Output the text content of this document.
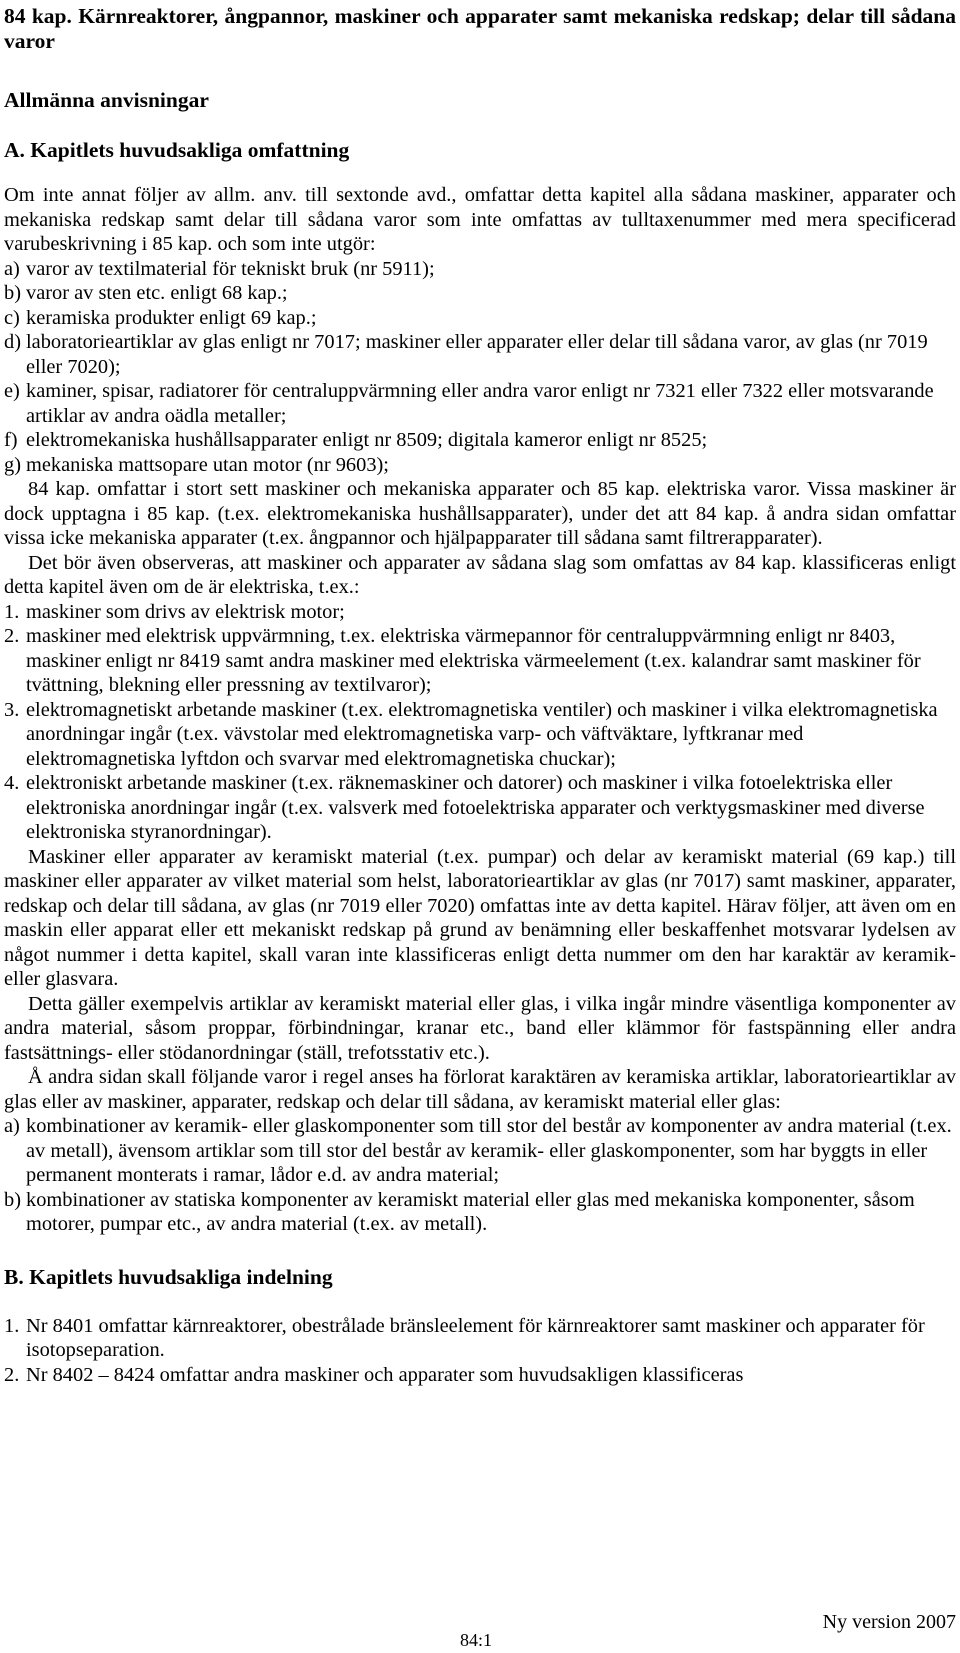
84 kap. Kärnreaktorer, ångpannor, maskiner och apparater samt mekaniska redskap; delar till sådana varor

Allmänna anvisningar

A. Kapitlets huvudsakliga omfattning

Om inte annat följer av allm. anv. till sextonde avd., omfattar detta kapitel alla sådana maskiner, apparater och mekaniska redskap samt delar till sådana varor som inte omfattas av tulltaxenummer med mera specificerad varubeskrivning i 85 kap. och som inte utgör:

a) varor av textilmaterial för tekniskt bruk (nr 5911);
b) varor av sten etc. enligt 68 kap.;
c) keramiska produkter enligt 69 kap.;
d) laboratorieartiklar av glas enligt nr 7017; maskiner eller apparater eller delar till sådana varor, av glas (nr 7019 eller 7020);
e) kaminer, spisar, radiatorer för centraluppvärmning eller andra varor enligt nr 7321 eller 7322 eller motsvarande artiklar av andra oädla metaller;
f) elektromekaniska hushållsapparater enligt nr 8509; digitala kameror enligt nr 8525;
g) mekaniska mattsopare utan motor (nr 9603);

84 kap. omfattar i stort sett maskiner och mekaniska apparater och 85 kap. elektriska varor. Vissa maskiner är dock upptagna i 85 kap. (t.ex. elektromekaniska hushållsapparater), under det att 84 kap. å andra sidan omfattar vissa icke mekaniska apparater (t.ex. ångpannor och hjälpapparater till sådana samt filtrerapparater).

Det bör även observeras, att maskiner och apparater av sådana slag som omfattas av 84 kap. klassificeras enligt detta kapitel även om de är elektriska, t.ex.:

1. maskiner som drivs av elektrisk motor;
2. maskiner med elektrisk uppvärmning, t.ex. elektriska värmepannor för centraluppvärmning enligt nr 8403, maskiner enligt nr 8419 samt andra maskiner med elektriska värmeelement (t.ex. kalandrar samt maskiner för tvättning, blekning eller pressning av textilvaror);
3. elektromagnetiskt arbetande maskiner (t.ex. elektromagnetiska ventiler) och maskiner i vilka elektromagnetiska anordningar ingår (t.ex. vävstolar med elektromagnetiska varp- och väftväktare, lyftkranar med elektromagnetiska lyftdon och svarvar med elektromagnetiska chuckar);
4. elektroniskt arbetande maskiner (t.ex. räknemaskiner och datorer) och maskiner i vilka fotoelektriska eller elektroniska anordningar ingår (t.ex. valsverk med fotoelektriska apparater och verktygsmaskiner med diverse elektroniska styranordningar).

Maskiner eller apparater av keramiskt material (t.ex. pumpar) och delar av keramiskt material (69 kap.) till maskiner eller apparater av vilket material som helst, laboratorieartiklar av glas (nr 7017) samt maskiner, apparater, redskap och delar till sådana, av glas (nr 7019 eller 7020) omfattas inte av detta kapitel. Härav följer, att även om en maskin eller apparat eller ett mekaniskt redskap på grund av benämning eller beskaffenhet motsvarar lydelsen av något nummer i detta kapitel, skall varan inte klassificeras enligt detta nummer om den har karaktär av keramik- eller glasvara.

Detta gäller exempelvis artiklar av keramiskt material eller glas, i vilka ingår mindre väsentliga komponenter av andra material, såsom proppar, förbindningar, kranar etc., band eller klämmor för fastspänning eller andra fastsättnings- eller stödanordningar (ställ, trefotsstativ etc.).

Å andra sidan skall följande varor i regel anses ha förlorat karaktären av keramiska artiklar, laboratorieartiklar av glas eller av maskiner, apparater, redskap och delar till sådana, av keramiskt material eller glas:

a) kombinationer av keramik- eller glaskomponenter som till stor del består av komponenter av andra material (t.ex. av metall), ävensom artiklar som till stor del består av keramik- eller glaskomponenter, som har byggts in eller permanent monterats i ramar, lådor e.d. av andra material;
b) kombinationer av statiska komponenter av keramiskt material eller glas med mekaniska komponenter, såsom motorer, pumpar etc., av andra material (t.ex. av metall).

B. Kapitlets huvudsakliga indelning

1. Nr 8401 omfattar kärnreaktorer, obestrålade bränsleelement för kärnreaktorer samt maskiner och apparater för isotopseparation.
2. Nr 8402 – 8424 omfattar andra maskiner och apparater som huvudsakligen klassificeras
Ny version 2007
84:1
